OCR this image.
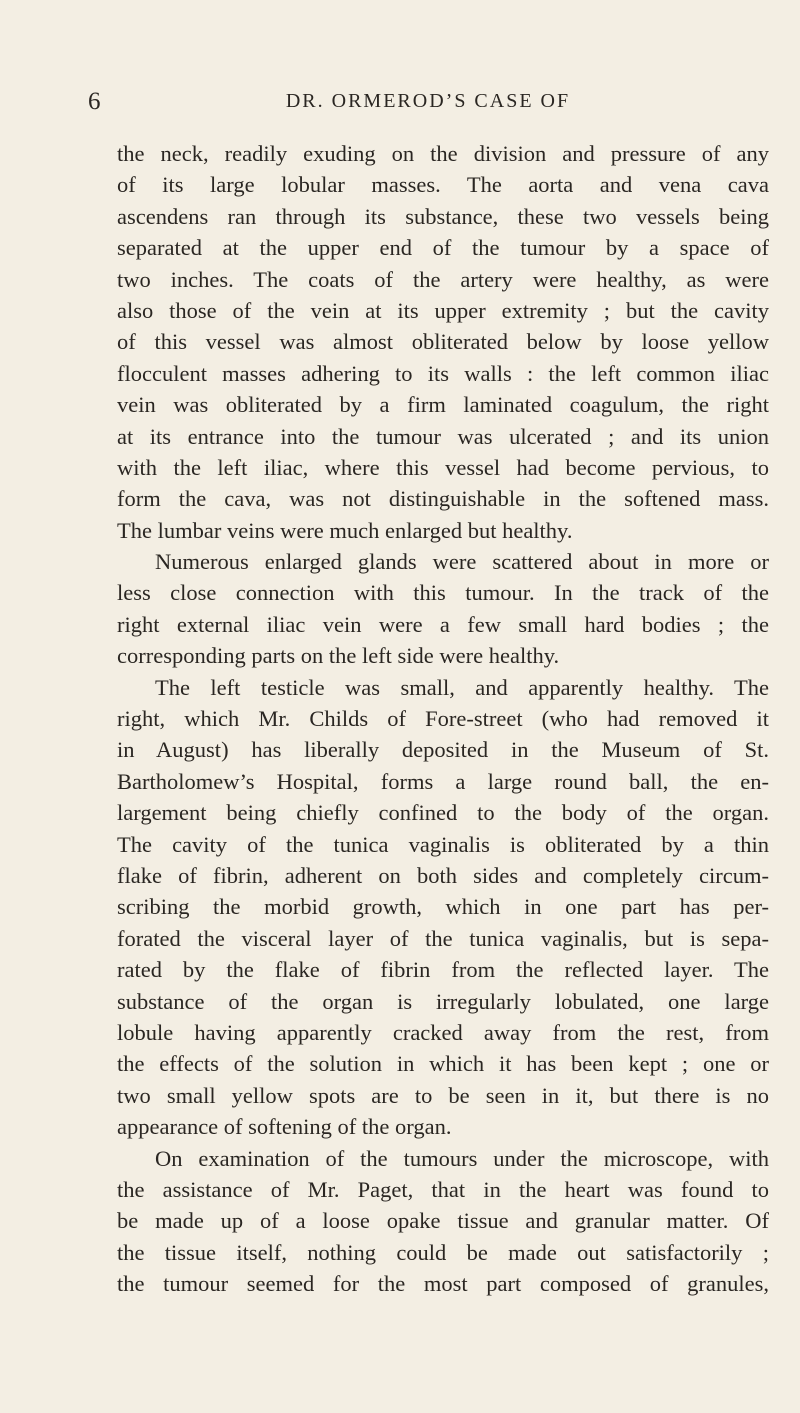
6	DR. ORMEROD’S CASE OF
the neck, readily exuding on the division and pressure of any
of its large lobular masses. The aorta and vena cava
ascendens ran through its substance, these two vessels being
separated at the upper end of the tumour by a space of
two inches. The coats of the artery were healthy, as were
also those of the vein at its upper extremity ; but the cavity
of this vessel was almost obliterated below by loose yellow
flocculent masses adhering to its walls : the left common iliac
vein was obliterated by a firm laminated coagulum, the right
at its entrance into the tumour was ulcerated ; and its union
with the left iliac, where this vessel had become pervious, to
form the cava, was not distinguishable in the softened mass.
The lumbar veins were much enlarged but healthy.
Numerous enlarged glands were scattered about in more or
less close connection with this tumour. In the track of the
right external iliac vein were a few small hard bodies ; the
corresponding parts on the left side were healthy.
The left testicle was small, and apparently healthy. The
right, which Mr. Childs of Fore-street (who had removed it
in August) has liberally deposited in the Museum of St.
Bartholomew’s Hospital, forms a large round ball, the en-
largement being chiefly confined to the body of the organ.
The cavity of the tunica vaginalis is obliterated by a thin
flake of fibrin, adherent on both sides and completely circum-
scribing the morbid growth, which in one part has per-
forated the visceral layer of the tunica vaginalis, but is sepa-
rated by the flake of fibrin from the reflected layer. The
substance of the organ is irregularly lobulated, one large
lobule having apparently cracked away from the rest, from
the effects of the solution in which it has been kept ; one or
two small yellow spots are to be seen in it, but there is no
appearance of softening of the organ.
On examination of the tumours under the microscope, with
the assistance of Mr. Paget, that in the heart was found to
be made up of a loose opake tissue and granular matter. Of
the tissue itself, nothing could be made out satisfactorily ;
the tumour seemed for the most part composed of granules,
